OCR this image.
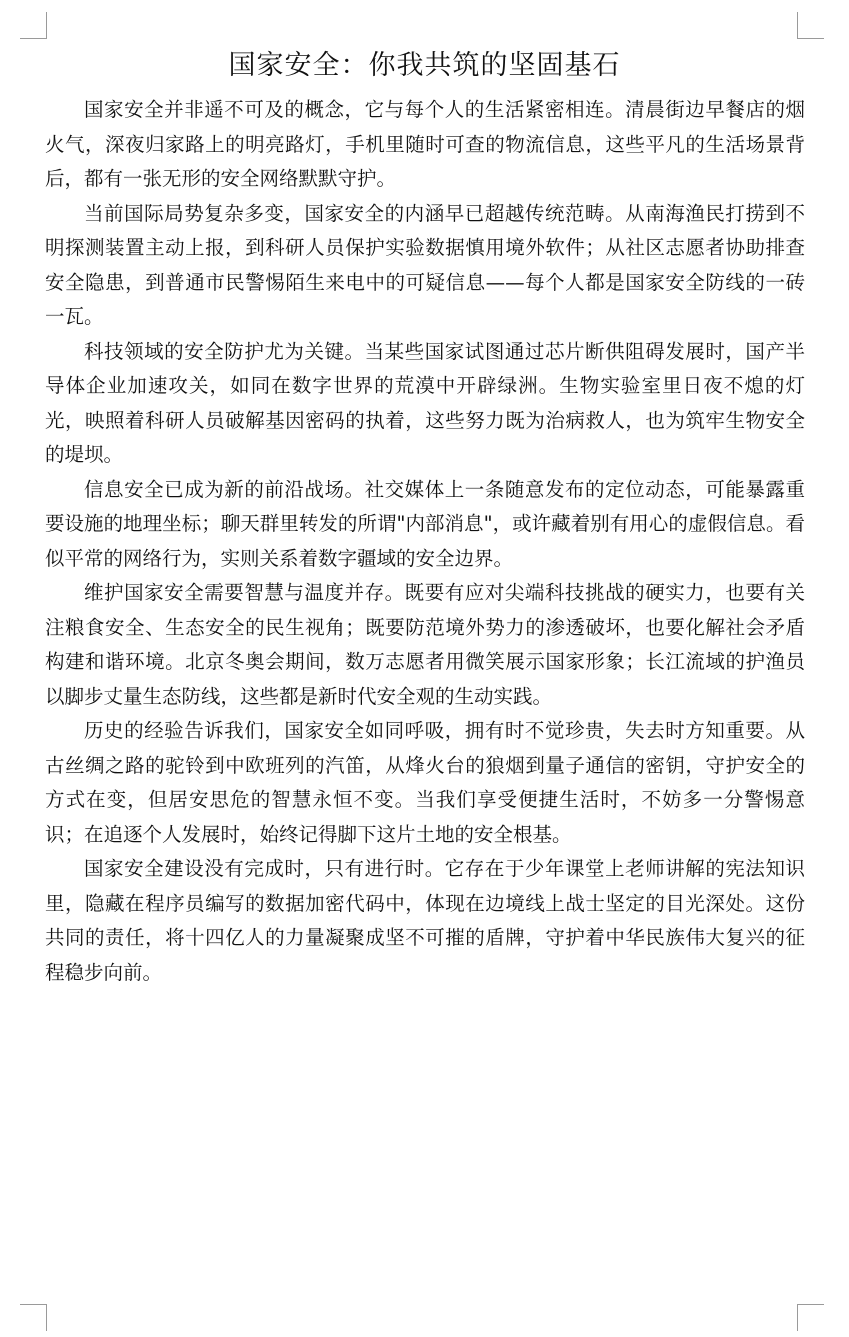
国家安全：你我共筑的坚固基石

国家安全并非遥不可及的概念，它与每个人的生活紧密相连。清晨街边早餐店的烟火气，深夜归家路上的明亮路灯，手机里随时可查的物流信息，这些平凡的生活场景背后，都有一张无形的安全网络默默守护。

当前国际局势复杂多变，国家安全的内涵早已超越传统范畴。从南海渔民打捞到不明探测装置主动上报，到科研人员保护实验数据慎用境外软件；从社区志愿者协助排查安全隐患，到普通市民警惕陌生来电中的可疑信息——每个人都是国家安全防线的一砖一瓦。

科技领域的安全防护尤为关键。当某些国家试图通过芯片断供阻碍发展时，国产半导体企业加速攻关，如同在数字世界的荒漠中开辟绿洲。生物实验室里日夜不熄的灯光，映照着科研人员破解基因密码的执着，这些努力既为治病救人，也为筑牢生物安全的堤坝。

信息安全已成为新的前沿战场。社交媒体上一条随意发布的定位动态，可能暴露重要设施的地理坐标；聊天群里转发的所谓"内部消息"，或许藏着别有用心的虚假信息。看似平常的网络行为，实则关系着数字疆域的安全边界。

维护国家安全需要智慧与温度并存。既要有应对尖端科技挑战的硬实力，也要有关注粮食安全、生态安全的民生视角；既要防范境外势力的渗透破坏，也要化解社会矛盾构建和谐环境。北京冬奥会期间，数万志愿者用微笑展示国家形象；长江流域的护渔员以脚步丈量生态防线，这些都是新时代安全观的生动实践。

历史的经验告诉我们，国家安全如同呼吸，拥有时不觉珍贵，失去时方知重要。从古丝绸之路的驼铃到中欧班列的汽笛，从烽火台的狼烟到量子通信的密钥，守护安全的方式在变，但居安思危的智慧永恒不变。当我们享受便捷生活时，不妨多一分警惕意识；在追逐个人发展时，始终记得脚下这片土地的安全根基。

国家安全建设没有完成时，只有进行时。它存在于少年课堂上老师讲解的宪法知识里，隐藏在程序员编写的数据加密代码中，体现在边境线上战士坚定的目光深处。这份共同的责任，将十四亿人的力量凝聚成坚不可摧的盾牌，守护着中华民族伟大复兴的征程稳步向前。
